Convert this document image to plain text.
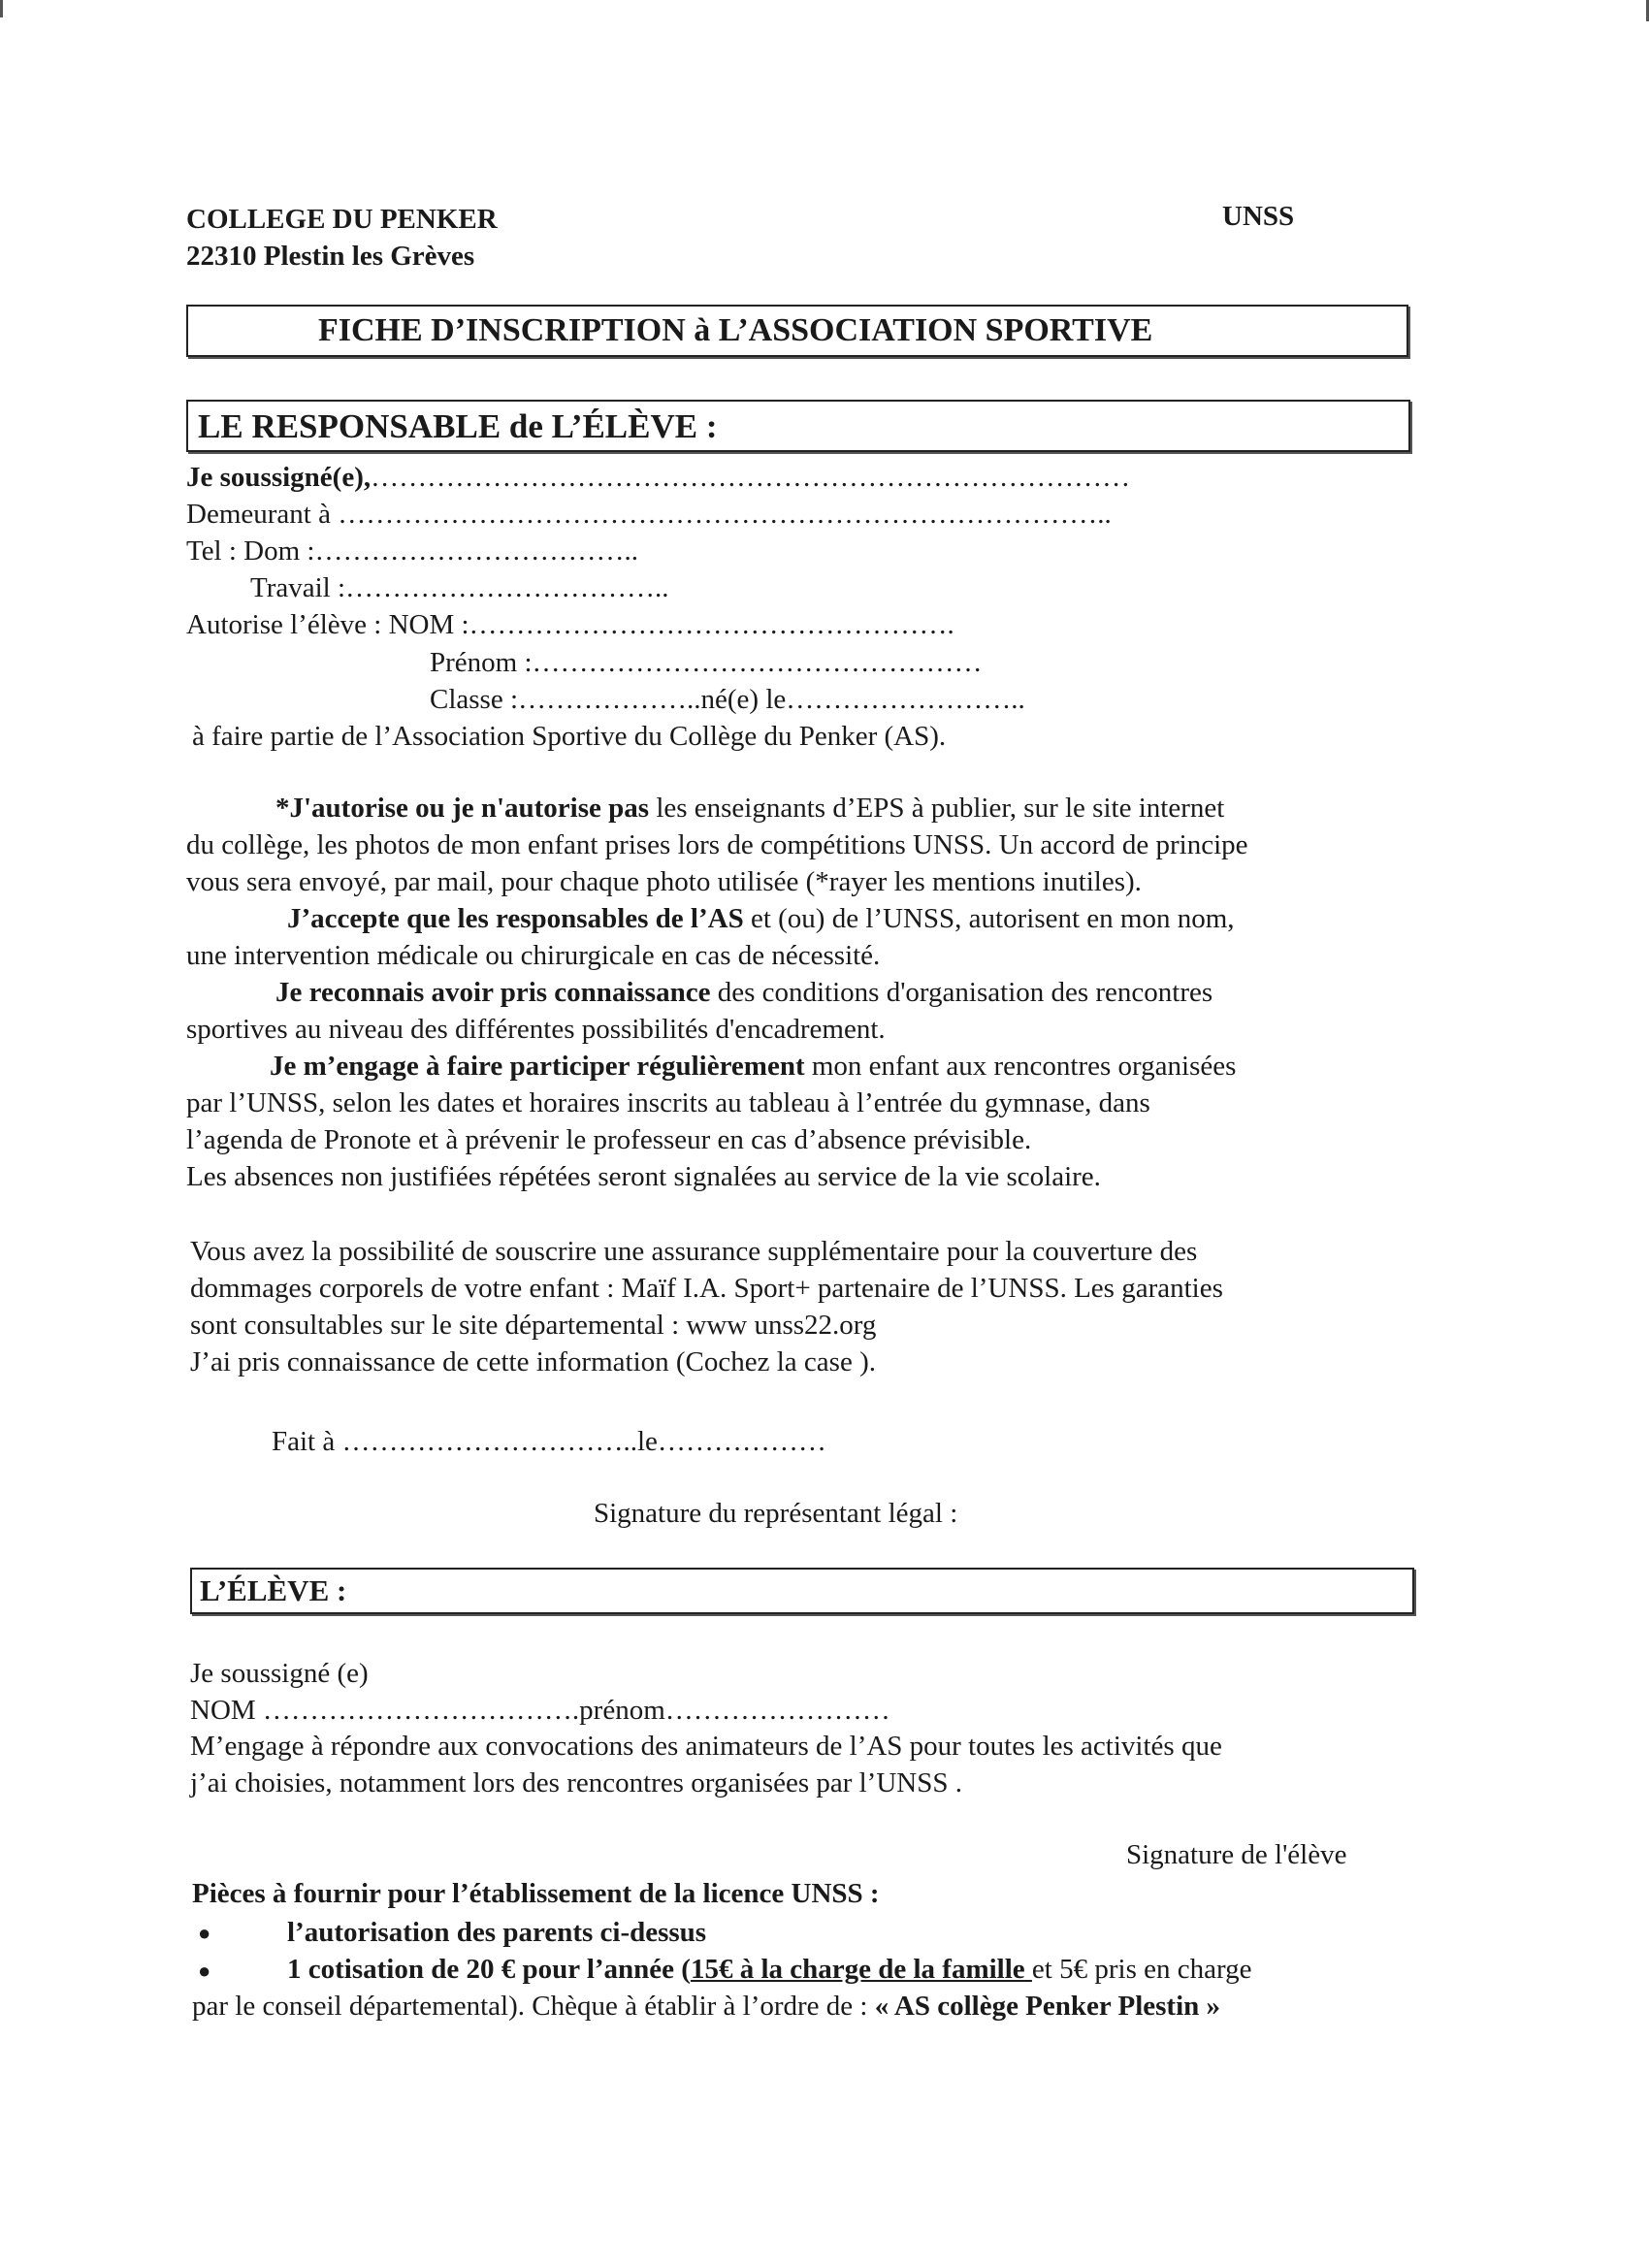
COLLEGE DU PENKER
22310 Plestin les Grèves
UNSS
FICHE D’INSCRIPTION à L’ASSOCIATION SPORTIVE
LE RESPONSABLE de L’ÉLÈVE :
Je soussigné(e),………………………………………………………………………
Demeurant à ………………………………………………………………………..
Tel : Dom :……………………………..
Travail :……………………………..
Autorise l’élève : NOM :…………………………………………….
Prénom :…………………………………………
Classe :………………..né(e) le……………………..
à faire partie de l’Association Sportive du Collège du Penker (AS).
*J'autorise ou je n'autorise pas les enseignants d’EPS à publier, sur le site internet
du collège, les photos de mon enfant prises lors de compétitions UNSS. Un accord de principe
vous sera envoyé, par mail, pour chaque photo utilisée (*rayer les mentions inutiles).
J’accepte que les responsables de l’AS et (ou) de l’UNSS, autorisent en mon nom,
une intervention médicale ou chirurgicale en cas de nécessité.
Je reconnais avoir pris connaissance des conditions d'organisation des rencontres
sportives au niveau des différentes possibilités d'encadrement.
Je m’engage à faire participer régulièrement mon enfant aux rencontres organisées
par l’UNSS, selon les dates et horaires inscrits au tableau à l’entrée du gymnase, dans
l’agenda de Pronote et à prévenir le professeur en cas d’absence prévisible.
Les absences non justifiées répétées seront signalées au service de la vie scolaire.
Vous avez la possibilité de souscrire une assurance supplémentaire pour la couverture des
dommages corporels de votre enfant : Maïf I.A. Sport+ partenaire de l’UNSS. Les garanties
sont consultables sur le site départemental : www unss22.org
J’ai pris connaissance de cette information (Cochez la case ).
Fait à …………………………..le………………
Signature du représentant légal :
L’ÉLÈVE :
Je soussigné (e)
NOM …………………………….prénom……………………
M’engage à répondre aux convocations des animateurs de l’AS pour toutes les activités que
j’ai choisies, notamment lors des rencontres organisées par l’UNSS .
Signature de l'élève
Pièces à fournir pour l’établissement de la licence UNSS :
●	l’autorisation des parents ci-dessus
●	1 cotisation de 20 € pour l’année (15€ à la charge de la famille et 5€ pris en charge
par le conseil départemental). Chèque à établir à l’ordre de : « AS collège Penker Plestin »
